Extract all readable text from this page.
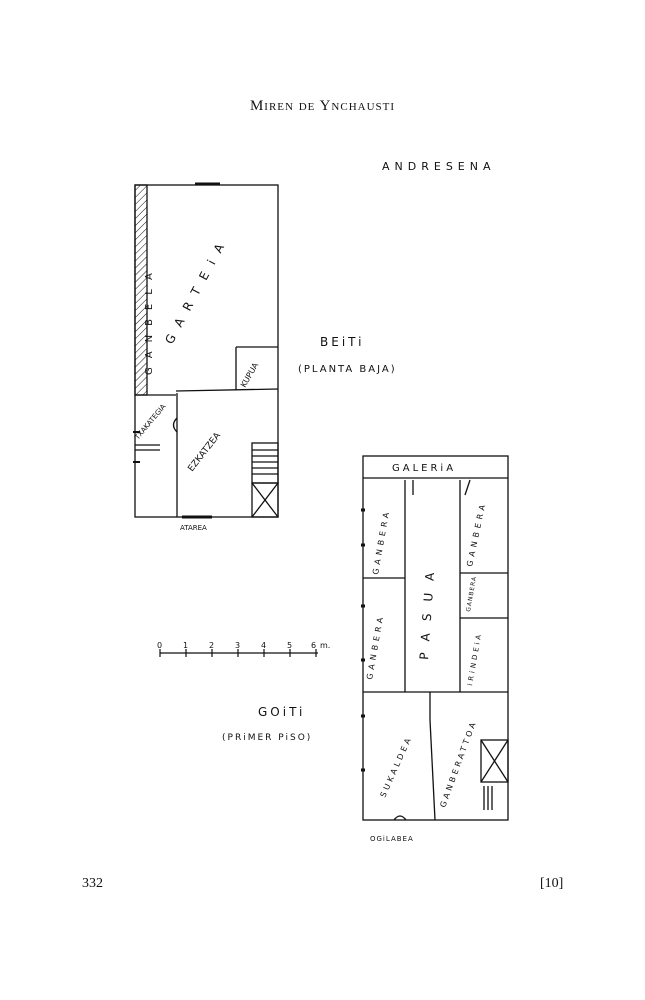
Miren de Ynchausti
ANDRESENA
GARTEiA
GANBELA
KUPUA
TXAKATEGIA
EZKATZEA
ATAREA
BEiTi
(PLANTA BAJA)
GALERiA
GANBERA
GANBERA
GANBERA
GANBERA
PASUA	iRiNDEiA
SUKALDEA	GANBERATTOA
OGiLABEA
GOiTi
(PRiMER PiSO)
0	1	2	3	4	5 6 m.
332	[10]
